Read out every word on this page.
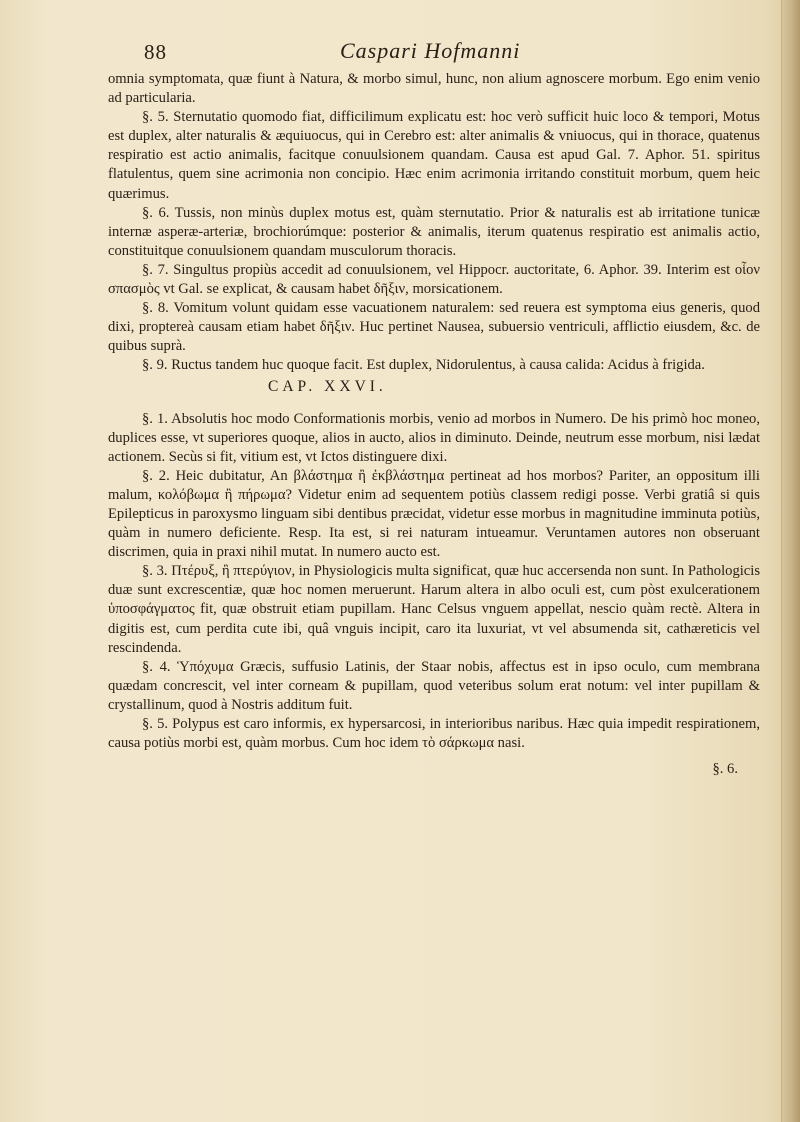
88	Caspari Hofmanni

omnia symptomata, quæ fiunt à Natura, & morbo simul, hunc, non alium agnoscere morbum. Ego enim venio ad particularia.

§. 5. Sternutatio quomodo fiat, difficilimum explicatu est: hoc verò sufficit huic loco & tempori, Motus est duplex, alter naturalis & æquiuocus, qui in Cerebro est: alter animalis & vniuocus, qui in thorace, quatenus respiratio est actio animalis, facitque conuulsionem quandam. Causa est apud Gal. 7. Aphor. 51. spiritus flatulentus, quem sine acrimonia non concipio. Hæc enim acrimonia irritando constituit morbum, quem heic quærimus.

§. 6. Tussis, non minùs duplex motus est, quàm sternutatio. Prior & naturalis est ab irritatione tunicæ internæ asperæ-arteriæ, brochiorúmque: posterior & animalis, iterum quatenus respiratio est animalis actio, constituitque conuulsionem quandam musculorum thoracis.

§. 7. Singultus propiùs accedit ad conuulsionem, vel Hippocr. auctoritate, 6. Aphor. 39. Interim est οἷον σπασμὸς vt Gal. se explicat, & causam habet δῆξιν, morsicationem.

§. 8. Vomitum volunt quidam esse vacuationem naturalem: sed reuera est symptoma eius generis, quod dixi, proptereà causam etiam habet δῆξιν. Huc pertinet Nausea, subuersio ventriculi, afflictio eiusdem, &c. de quibus suprà.

§. 9. Ructus tandem huc quoque facit. Est duplex, Nidorulentus, à causa calida: Acidus à frigida.

CAP. XXVI.

§. 1. Absolutis hoc modo Conformationis morbis, venio ad morbos in Numero. De his primò hoc moneo, duplices esse, vt superiores quoque, alios in aucto, alios in diminuto. Deinde, neutrum esse morbum, nisi lædat actionem. Secùs si fit, vitium est, vt Ictos distinguere dixi.

§. 2. Heic dubitatur, An βλάστημα ἢ ἐκβλάστημα pertineat ad hos morbos? Pariter, an oppositum illi malum, κολόβωμα ἢ πήρωμα? Videtur enim ad sequentem potiùs classem redigi posse. Verbi gratiâ si quis Epilepticus in paroxysmo linguam sibi dentibus præcidat, videtur esse morbus in magnitudine imminuta potiùs, quàm in numero deficiente. Resp. Ita est, si rei naturam intueamur. Veruntamen autores non obseruant discrimen, quia in praxi nihil mutat. In numero aucto est.

§. 3. Πτέρυξ, ἢ πτερύγιον, in Physiologicis multa significat, quæ huc accersenda non sunt. In Pathologicis duæ sunt excrescentiæ, quæ hoc nomen meruerunt. Harum altera in albo oculi est, cum pòst exulcerationem ὑποσφάγματος fit, quæ obstruit etiam pupillam. Hanc Celsus vnguem appellat, nescio quàm rectè. Altera in digitis est, cum perdita cute ibi, quâ vnguis incipit, caro ita luxuriat, vt vel absumenda sit, cathæreticis vel rescindenda.

§. 4. Ὑπόχυμα Græcis, suffusio Latinis, der Staar nobis, affectus est in ipso oculo, cum membrana quædam concrescit, vel inter corneam & pupillam, quod veteribus solum erat notum: vel inter pupillam & crystallinum, quod à Nostris additum fuit.

§. 5. Polypus est caro informis, ex hypersarcosi, in interioribus naribus. Hæc quia impedit respirationem, causa potiùs morbi est, quàm morbus. Cum hoc idem τὸ σάρκωμα nasi.

§. 6.
